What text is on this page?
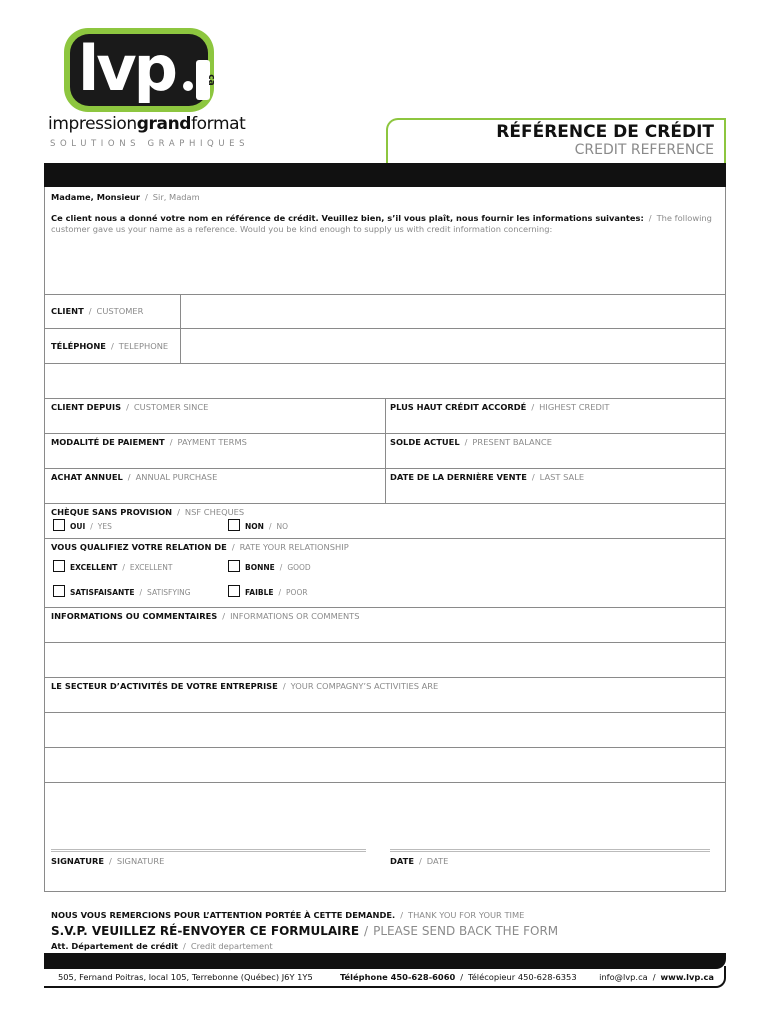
lvp	ca
impressiongrandformat
SOLUTIONS GRAPHIQUES
RÉFÉRENCE DE CRÉDIT
CREDIT REFERENCE
Madame, Monsieur / Sir, Madam
Ce client nous a donné votre nom en référence de crédit. Veuillez bien, s’il vous plaît, nous fournir les informations suivantes: / The following customer gave us your name as a reference. Would you be kind enough to supply us with credit information concerning:
CLIENT / CUSTOMER
TÉLÉPHONE / TELEPHONE
CLIENT DEPUIS / CUSTOMER SINCE	PLUS HAUT CRÉDIT ACCORDÉ / HIGHEST CREDIT
MODALITÉ DE PAIEMENT / PAYMENT TERMS	SOLDE ACTUEL / PRESENT BALANCE
ACHAT ANNUEL / ANNUAL PURCHASE	DATE DE LA DERNIÈRE VENTE / LAST SALE
CHÈQUE SANS PROVISION / NSF CHEQUES
OUI / YES	NON / NO
VOUS QUALIFIEZ VOTRE RELATION DE / RATE YOUR RELATIONSHIP
EXCELLENT / EXCELLENT	BONNE / GOOD
SATISFAISANTE / SATISFYING	FAIBLE / POOR
INFORMATIONS OU COMMENTAIRES / INFORMATIONS OR COMMENTS
LE SECTEUR D’ACTIVITÉS DE VOTRE ENTREPRISE / YOUR COMPAGNY’S ACTIVITIES ARE
SIGNATURE / SIGNATURE	DATE / DATE
NOUS VOUS REMERCIONS POUR L’ATTENTION PORTÉE À CETTE DEMANDE. / THANK YOU FOR YOUR TIME
S.V.P. VEUILLEZ RÉ-ENVOYER CE FORMULAIRE / PLEASE SEND BACK THE FORM
Att. Département de crédit / Credit departement
505, Fernand Poitras, local 105, Terrebonne (Québec) J6Y 1Y5	Téléphone 450-628-6060 / Télécopieur 450-628-6353	info@lvp.ca / www.lvp.ca
